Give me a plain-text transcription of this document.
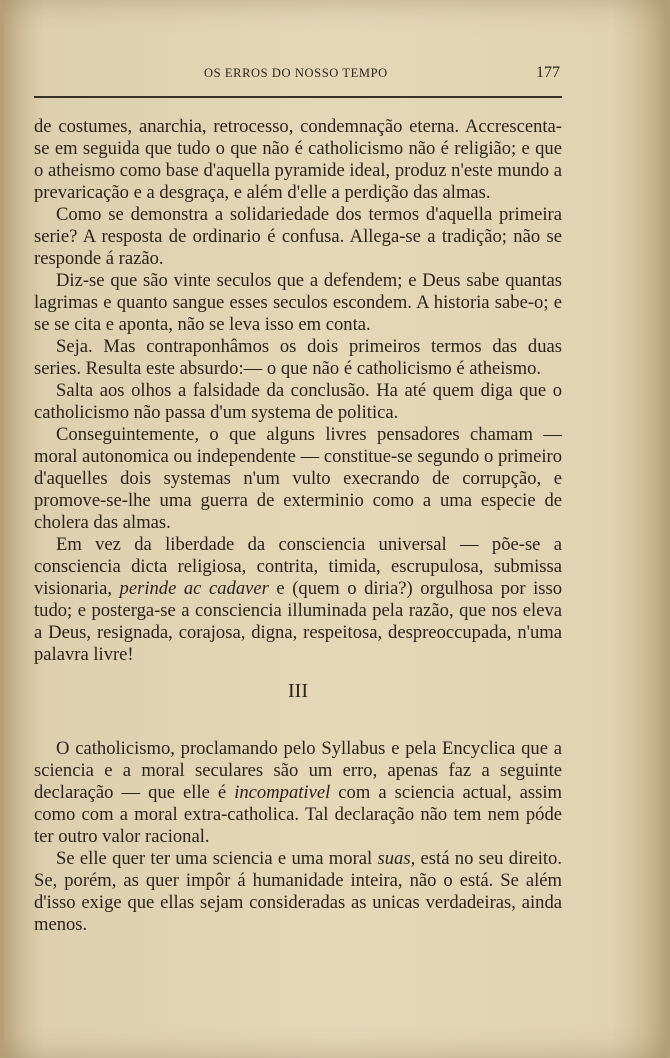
OS ERROS DO NOSSO TEMPO	177

de costumes, anarchia, retrocesso, condemnação eterna. Accrescenta-se em seguida que tudo o que não é catholicismo não é religião; e que o atheismo como base d'aquella pyramide ideal, produz n'este mundo a prevaricação e a desgraça, e além d'elle a perdição das almas.

Como se demonstra a solidariedade dos termos d'aquella primeira serie? A resposta de ordinario é confusa. Allega-se a tradição; não se responde á razão.

Diz-se que são vinte seculos que a defendem; e Deus sabe quantas lagrimas e quanto sangue esses seculos escondem. A historia sabe-o; e se se cita e aponta, não se leva isso em conta.

Seja. Mas contraponhâmos os dois primeiros termos das duas series. Resulta este absurdo:— o que não é catholicismo é atheismo.

Salta aos olhos a falsidade da conclusão. Ha até quem diga que o catholicismo não passa d'um systema de politica.

Conseguintemente, o que alguns livres pensadores chamam — moral autonomica ou independente — constitue-se segundo o primeiro d'aquelles dois systemas n'um vulto execrando de corrupção, e promove-se-lhe uma guerra de exterminio como a uma especie de cholera das almas.

Em vez da liberdade da consciencia universal — põe-se a consciencia dicta religiosa, contrita, timida, escrupulosa, submissa visionaria, perinde ac cadaver e (quem o diria?) orgulhosa por isso tudo; e posterga-se a consciencia illuminada pela razão, que nos eleva a Deus, resignada, corajosa, digna, respeitosa, despreoccupada, n'uma palavra livre!

III

O catholicismo, proclamando pelo Syllabus e pela Encyclica que a sciencia e a moral seculares são um erro, apenas faz a seguinte declaração — que elle é incompativel com a sciencia actual, assim como com a moral extra-catholica. Tal declaração não tem nem póde ter outro valor racional.

Se elle quer ter uma sciencia e uma moral suas, está no seu direito. Se, porém, as quer impôr á humanidade inteira, não o está. Se além d'isso exige que ellas sejam consideradas as unicas verdadeiras, ainda menos.
